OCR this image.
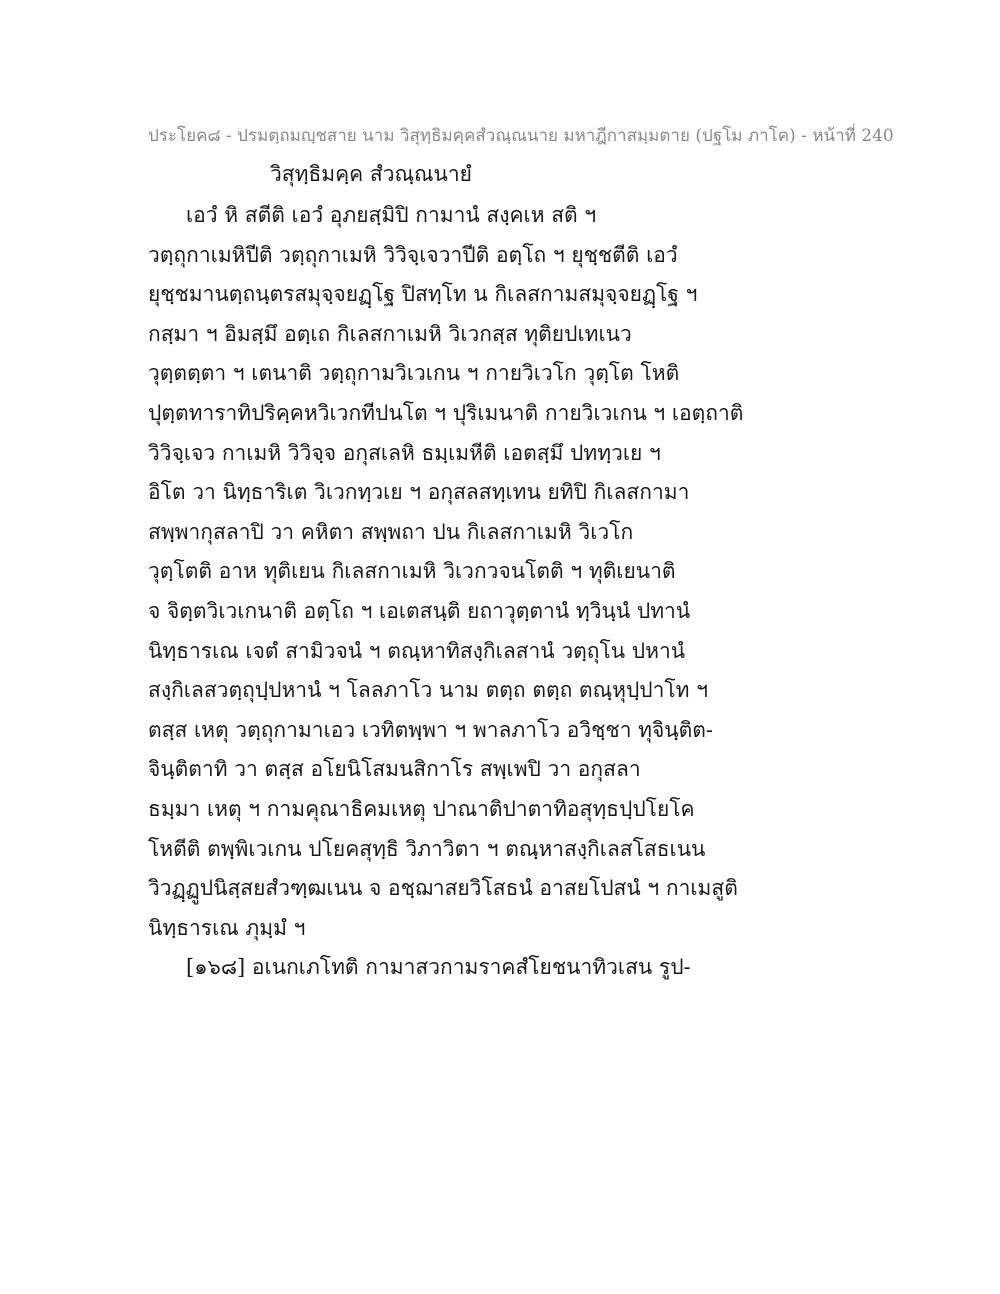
ประโยค๘ - ปรมตฺถมญฺชสาย นาม วิสุทฺธิมคฺคสํวณฺณนาย มหาฎีกาสมฺมตาย (ปฐโม ภาโค) - หน้าที่ 240
วิสุทฺธิมคฺค สํวณฺณนายํ
เอวํ หิ สตีติ เอวํ อุภยสฺมิปิ กามานํ สงฺคเห สติ ฯ
วตฺถุกาเมหิปีติ วตฺถุกาเมหิ วิวิจฺเจวาปีติ อตฺโถ ฯ ยุชฺชตีติ เอวํ
ยุชฺชมานตฺถนฺตรสมุจฺจยฏฺโฐ ปิสทฺโท น กิเลสกามสมุจฺจยฏฺโฐ ฯ
กสฺมา ฯ อิมสฺมึ อตฺเถ กิเลสกาเมหิ วิเวกสฺส ทุติยปเทเนว
วุตฺตตฺตา ฯ เตนาติ วตฺถุกามวิเวเกน ฯ กายวิเวโก วุตฺโต โหติ
ปุตฺตทาราทิปริคฺคหวิเวกทีปนโต ฯ ปุริเมนาติ กายวิเวเกน ฯ เอตฺถาติ
วิวิจฺเจว กาเมหิ วิวิจฺจ อกุสเลหิ ธมฺเมหีติ เอตสฺมึ ปททฺวเย ฯ
อิโต วา นิทฺธาริเต วิเวกทฺวเย ฯ อกุสลสทฺเทน ยทิปิ กิเลสกามา
สพฺพากุสลาปิ วา คหิตา สพฺพถา ปน กิเลสกาเมหิ วิเวโก
วุตฺโตติ อาห ทุติเยน กิเลสกาเมหิ วิเวกวจนโตติ ฯ ทุติเยนาติ
จ จิตฺตวิเวเกนาติ อตฺโถ ฯ เอเตสนฺติ ยถาวุตฺตานํ ทฺวินฺนํ ปทานํ
นิทฺธารเณ เจตํ สามิวจนํ ฯ ตณฺหาทิสงฺกิเลสานํ วตฺถุโน ปหานํ
สงฺกิเลสวตฺถุปฺปหานํ ฯ โลลภาโว นาม ตตฺถ ตตฺถ ตณฺหุปฺปาโท ฯ
ตสฺส เหตุ วตฺถุกามาเอว เวทิตพฺพา ฯ พาลภาโว อวิชฺชา ทุจินฺติต-
จินฺติตาทิ วา ตสฺส อโยนิโสมนสิกาโร สพฺเพปิ วา อกุสลา
ธมฺมา เหตุ ฯ กามคุณาธิคมเหตุ ปาณาติปาตาทิอสุทฺธปฺปโยโค
โหตีติ ตพฺพิเวเกน ปโยคสุทฺธิ วิภาวิตา ฯ ตณฺหาสงฺกิเลสโสธเนน
วิวฏฺฏูปนิสฺสยสํวฑฺฒเนน จ อชฺฌาสยวิโสธนํ อาสยโปสนํ ฯ กาเมสูติ
นิทฺธารเณ ภุมฺมํ ฯ
[๑๖๘] อเนกเภโทติ กามาสวกามราคสํโยชนาทิวเสน รูป-
